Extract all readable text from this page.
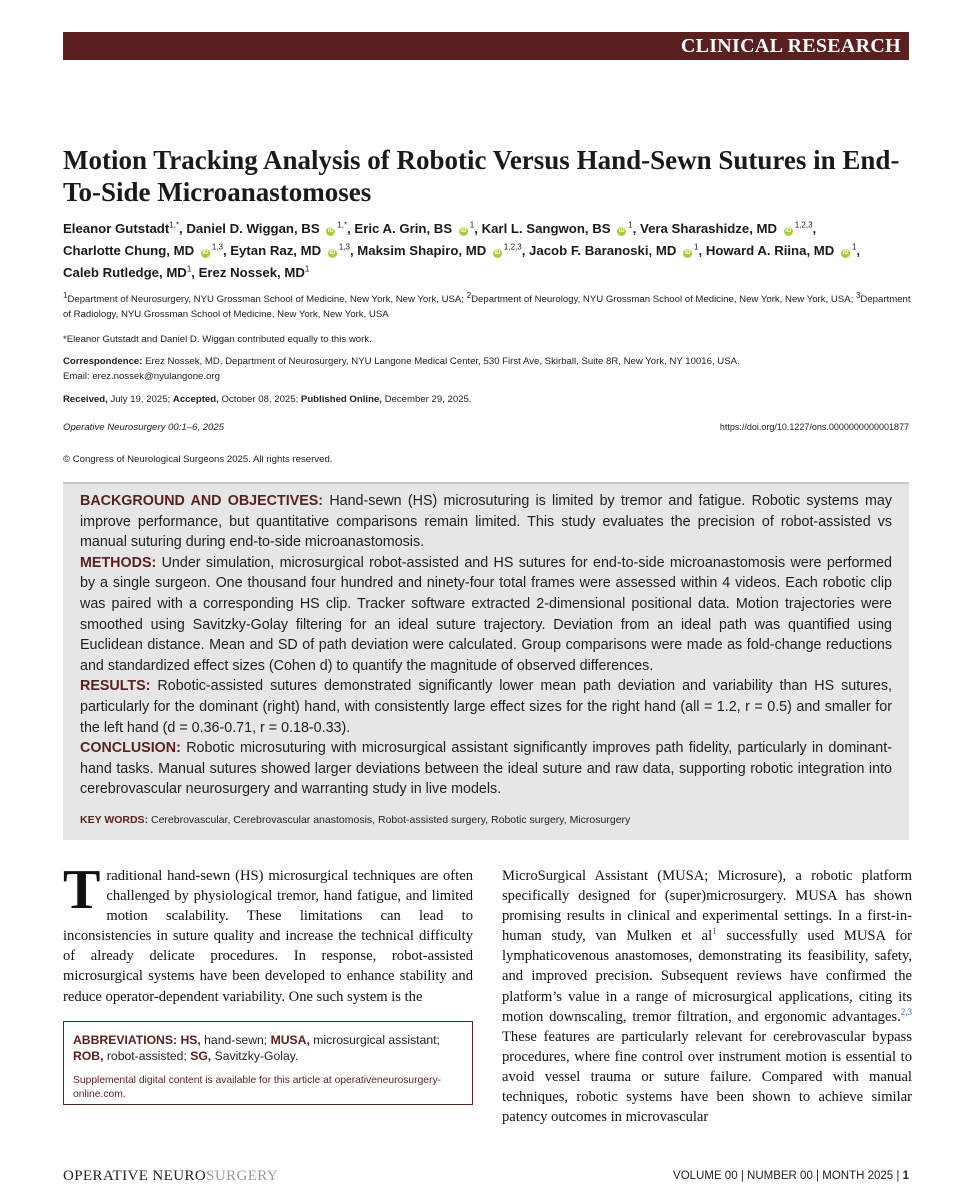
CLINICAL RESEARCH
Motion Tracking Analysis of Robotic Versus Hand-Sewn Sutures in End-To-Side Microanastomoses
Eleanor Gutstadt$^{1,*}$, Daniel D. Wiggan, BS $iD^{1,*}$, Eric A. Grin, BS $iD^1$, Karl L. Sangwon, BS $iD^1$, Vera Sharashidze, MD iD$^{1,2,3}$, Charlotte Chung, MD iD$^{1,3}$, Eytan Raz, MD iD$^{1,3}$, Maksim Shapiro, MD iD$^{1,2,3}$, Jacob F. Baranoski, MD $iD^1$, Howard A. Riina, MD $iD^1$, Caleb Rutledge, $MD^1$, Erez Nossek, $MD^1$
$^1$Department of Neurosurgery, NYU Grossman School of Medicine, New York, New York, USA; $^2$Department of Neurology, NYU Grossman School of Medicine, New York, New York, USA; $^3$Department of Radiology, NYU Grossman School of Medicine, New York, New York, USA
*Eleanor Gutstadt and Daniel D. Wiggan contributed equally to this work.
Correspondence: Erez Nossek, MD, Department of Neurosurgery, NYU Langone Medical Center, 530 First Ave, Skirball, Suite 8R, New York, NY 10016, USA.
Email: erez.nossek@nyulangone.org
Received, July 19, 2025; Accepted, October 08, 2025; Published Online, December 29, 2025.
Operative Neurosurgery 00:1–6, 2025	https://doi.org/10.1227/ons.0000000000001877
© Congress of Neurological Surgeons 2025. All rights reserved.

BACKGROUND AND OBJECTIVES: Hand-sewn (HS) microsuturing is limited by tremor and fatigue. Robotic systems may improve performance, but quantitative comparisons remain limited. This study evaluates the precision of robot-assisted vs manual suturing during end-to-side microanastomosis.

METHODS: Under simulation, microsurgical robot-assisted and HS sutures for end-to-side microanastomosis were performed by a single surgeon. One thousand four hundred and ninety-four total frames were assessed within 4 videos. Each robotic clip was paired with a corresponding HS clip. Tracker software extracted 2-dimensional positional data. Motion trajectories were smoothed using Savitzky-Golay filtering for an ideal suture trajectory. Deviation from an ideal path was quantified using Euclidean distance. Mean and SD of path deviation were calculated. Group comparisons were made as fold-change reductions and standardized effect sizes (Cohen d) to quantify the magnitude of observed differences.

RESULTS: Robotic-assisted sutures demonstrated significantly lower mean path deviation and variability than HS sutures, particularly for the dominant (right) hand, with consistently large effect sizes for the right hand (all = 1.2, r = 0.5) and smaller for the left hand (d = 0.36-0.71, r = 0.18-0.33).

CONCLUSION: Robotic microsuturing with microsurgical assistant significantly improves path fidelity, particularly in dominant-hand tasks. Manual sutures showed larger deviations between the ideal suture and raw data, supporting robotic integration into cerebrovascular neurosurgery and warranting study in live models.

KEY WORDS: Cerebrovascular, Cerebrovascular anastomosis, Robot-assisted surgery, Robotic surgery, Microsurgery

Traditional hand-sewn (HS) microsurgical techniques are often challenged by physiological tremor, hand fatigue, and limited motion scalability. These limitations can lead to inconsistencies in suture quality and increase the technical difficulty of already delicate procedures. In response, robot-assisted microsurgical systems have been developed to enhance stability and reduce operator-dependent variability. One such system is the

ABBREVIATIONS: HS, hand-sewn; MUSA, microsurgical assistant; ROB, robot-assisted; SG, Savitzky-Golay.
Supplemental digital content is available for this article at operativeneurosurgery-online.com.

MicroSurgical Assistant (MUSA; Microsure), a robotic platform specifically designed for (super)microsurgery. MUSA has shown promising results in clinical and experimental settings. In a first-in-human study, van Mulken et $al^1$ successfully used MUSA for lymphaticovenous anastomoses, demonstrating its feasibility, safety, and improved precision. Subsequent reviews have confirmed the platform’s value in a range of microsurgical applications, citing its motion downscaling, tremor filtration, and ergonomic advantages.$^{2,3}$ These features are particularly relevant for cerebrovascular bypass procedures, where fine control over instrument motion is essential to avoid vessel trauma or suture failure. Compared with manual techniques, robotic systems have been shown to achieve similar patency outcomes in microvascular

OPERATIVE NEUROSURGERY	VOLUME 00 | NUMBER 00 | MONTH 2025 | 1
